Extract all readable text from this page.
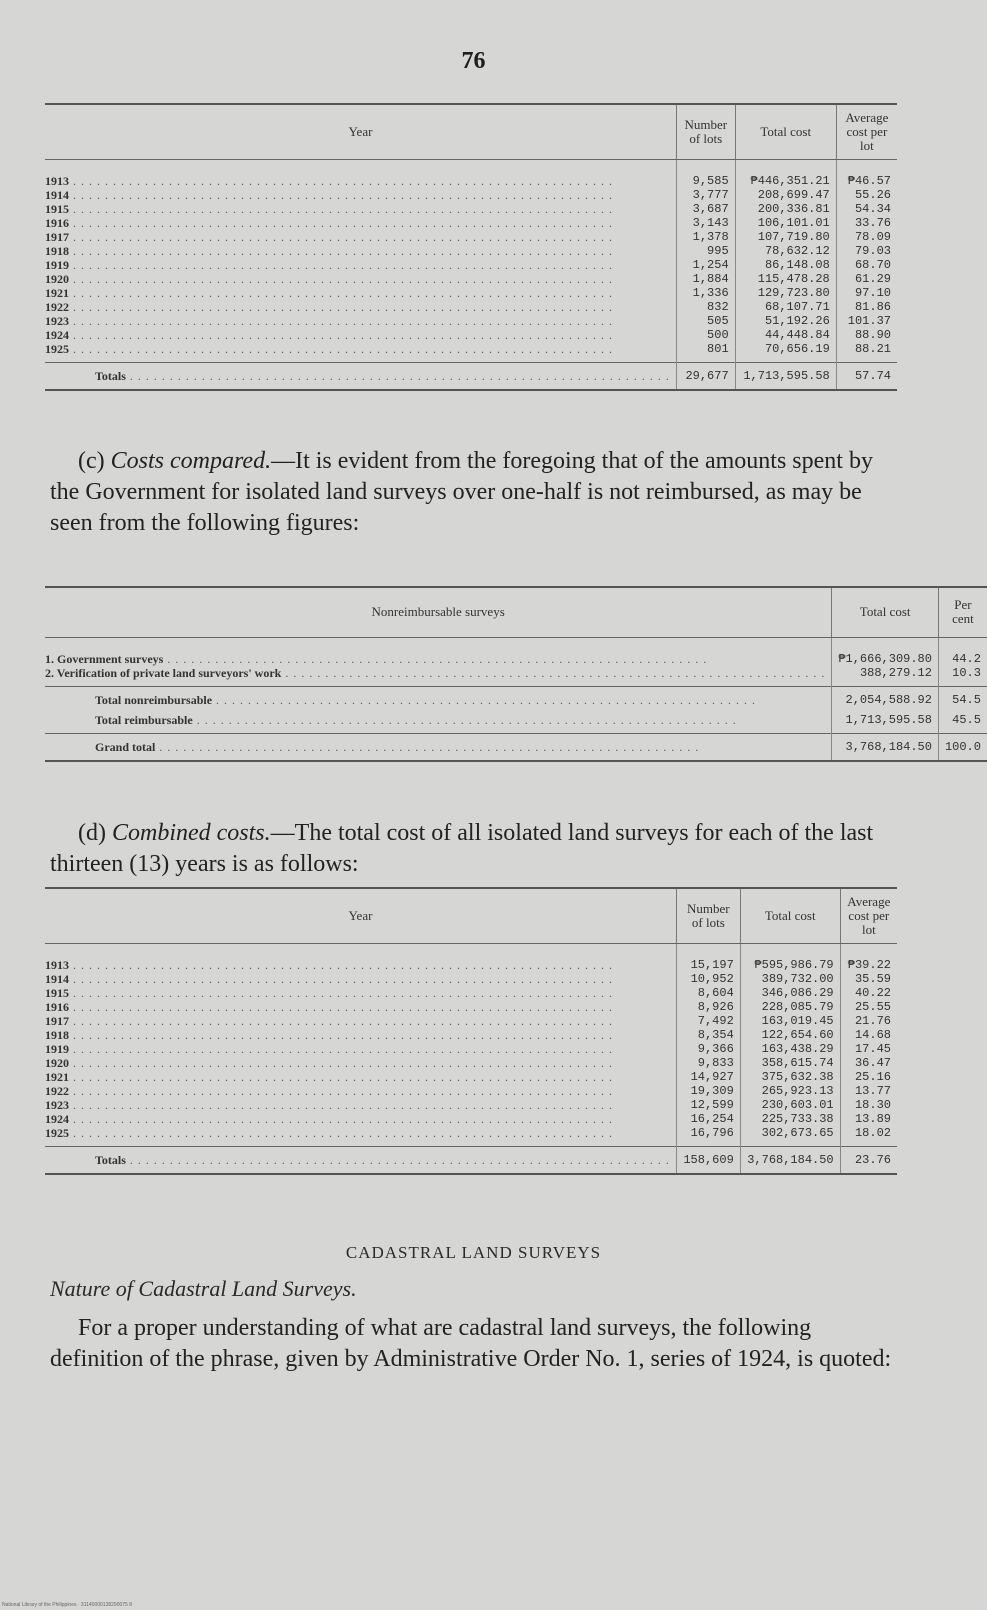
76
Year	Number of lots	Total cost	Average cost per lot
1913 . . . . . . . . . . . . . . . . . . . . . . . . . . . . . . . . . . . . . . . . . . . . . . . . . . . . . . . . . . . . . . . . . . . .	9,585	₱446,351.21	₱46.57
1914 . . . . . . . . . . . . . . . . . . . . . . . . . . . . . . . . . . . . . . . . . . . . . . . . . . . . . . . . . . . . . . . . . . . .	3,777	208,699.47	55.26
1915 . . . . . . . . . . . . . . . . . . . . . . . . . . . . . . . . . . . . . . . . . . . . . . . . . . . . . . . . . . . . . . . . . . . .	3,687	200,336.81	54.34
1916 . . . . . . . . . . . . . . . . . . . . . . . . . . . . . . . . . . . . . . . . . . . . . . . . . . . . . . . . . . . . . . . . . . . .	3,143	106,101.01	33.76
1917 . . . . . . . . . . . . . . . . . . . . . . . . . . . . . . . . . . . . . . . . . . . . . . . . . . . . . . . . . . . . . . . . . . . .	1,378	107,719.80	78.09
1918 . . . . . . . . . . . . . . . . . . . . . . . . . . . . . . . . . . . . . . . . . . . . . . . . . . . . . . . . . . . . . . . . . . . .	995	78,632.12	79.03
1919 . . . . . . . . . . . . . . . . . . . . . . . . . . . . . . . . . . . . . . . . . . . . . . . . . . . . . . . . . . . . . . . . . . . .	1,254	86,148.08	68.70
1920 . . . . . . . . . . . . . . . . . . . . . . . . . . . . . . . . . . . . . . . . . . . . . . . . . . . . . . . . . . . . . . . . . . . .	1,884	115,478.28	61.29
1921 . . . . . . . . . . . . . . . . . . . . . . . . . . . . . . . . . . . . . . . . . . . . . . . . . . . . . . . . . . . . . . . . . . . .	1,336	129,723.80	97.10
1922 . . . . . . . . . . . . . . . . . . . . . . . . . . . . . . . . . . . . . . . . . . . . . . . . . . . . . . . . . . . . . . . . . . . .	832	68,107.71	81.86
1923 . . . . . . . . . . . . . . . . . . . . . . . . . . . . . . . . . . . . . . . . . . . . . . . . . . . . . . . . . . . . . . . . . . . .	505	51,192.26	101.37
1924 . . . . . . . . . . . . . . . . . . . . . . . . . . . . . . . . . . . . . . . . . . . . . . . . . . . . . . . . . . . . . . . . . . . .	500	44,448.84	88.90
1925 . . . . . . . . . . . . . . . . . . . . . . . . . . . . . . . . . . . . . . . . . . . . . . . . . . . . . . . . . . . . . . . . . . . .	801	70,656.19	88.21
Totals . . . . . . . . . . . . . . . . . . . . . . . . . . . . . . . . . . . . . . . . . . . . . . . . . . . . . . . . . . . . . . . . . . . .	29,677	1,713,595.58	57.74

(c) Costs compared.—It is evident from the foregoing that of the amounts spent by the Government for isolated land surveys over one-half is not reimbursed, as may be seen from the following figures:

Nonreimbursable surveys	Total cost	Per cent
1. Government surveys . . . . . . . . . . . . . . . . . . . . . . . . . . . . . . . . . . . . . . . . . . . . . . . . . . . . . . . . . . . . . . . . . . . .	₱1,666,309.80	44.2
2. Verification of private land surveyors' work . . . . . . . . . . . . . . . . . . . . . . . . . . . . . . . . . . . . . . . . . . . . . . . . . . . . . . . . . . . . . . . . . . . .	388,279.12	10.3
Total nonreimbursable . . . . . . . . . . . . . . . . . . . . . . . . . . . . . . . . . . . . . . . . . . . . . . . . . . . . . . . . . . . . . . . . . . . .	2,054,588.92	54.5
Total reimbursable . . . . . . . . . . . . . . . . . . . . . . . . . . . . . . . . . . . . . . . . . . . . . . . . . . . . . . . . . . . . . . . . . . . .	1,713,595.58	45.5
Grand total . . . . . . . . . . . . . . . . . . . . . . . . . . . . . . . . . . . . . . . . . . . . . . . . . . . . . . . . . . . . . . . . . . . .	3,768,184.50	100.0

(d) Combined costs.—The total cost of all isolated land surveys for each of the last thirteen (13) years is as follows:

Year	Number of lots	Total cost	Average cost per lot
1913 . . . . . . . . . . . . . . . . . . . . . . . . . . . . . . . . . . . . . . . . . . . . . . . . . . . . . . . . . . . . . . . . . . . .	15,197	₱595,986.79	₱39.22
1914 . . . . . . . . . . . . . . . . . . . . . . . . . . . . . . . . . . . . . . . . . . . . . . . . . . . . . . . . . . . . . . . . . . . .	10,952	389,732.00	35.59
1915 . . . . . . . . . . . . . . . . . . . . . . . . . . . . . . . . . . . . . . . . . . . . . . . . . . . . . . . . . . . . . . . . . . . .	8,604	346,086.29	40.22
1916 . . . . . . . . . . . . . . . . . . . . . . . . . . . . . . . . . . . . . . . . . . . . . . . . . . . . . . . . . . . . . . . . . . . .	8,926	228,085.79	25.55
1917 . . . . . . . . . . . . . . . . . . . . . . . . . . . . . . . . . . . . . . . . . . . . . . . . . . . . . . . . . . . . . . . . . . . .	7,492	163,019.45	21.76
1918 . . . . . . . . . . . . . . . . . . . . . . . . . . . . . . . . . . . . . . . . . . . . . . . . . . . . . . . . . . . . . . . . . . . .	8,354	122,654.60	14.68
1919 . . . . . . . . . . . . . . . . . . . . . . . . . . . . . . . . . . . . . . . . . . . . . . . . . . . . . . . . . . . . . . . . . . . .	9,366	163,438.29	17.45
1920 . . . . . . . . . . . . . . . . . . . . . . . . . . . . . . . . . . . . . . . . . . . . . . . . . . . . . . . . . . . . . . . . . . . .	9,833	358,615.74	36.47
1921 . . . . . . . . . . . . . . . . . . . . . . . . . . . . . . . . . . . . . . . . . . . . . . . . . . . . . . . . . . . . . . . . . . . .	14,927	375,632.38	25.16
1922 . . . . . . . . . . . . . . . . . . . . . . . . . . . . . . . . . . . . . . . . . . . . . . . . . . . . . . . . . . . . . . . . . . . .	19,309	265,923.13	13.77
1923 . . . . . . . . . . . . . . . . . . . . . . . . . . . . . . . . . . . . . . . . . . . . . . . . . . . . . . . . . . . . . . . . . . . .	12,599	230,603.01	18.30
1924 . . . . . . . . . . . . . . . . . . . . . . . . . . . . . . . . . . . . . . . . . . . . . . . . . . . . . . . . . . . . . . . . . . . .	16,254	225,733.38	13.89
1925 . . . . . . . . . . . . . . . . . . . . . . . . . . . . . . . . . . . . . . . . . . . . . . . . . . . . . . . . . . . . . . . . . . . .	16,796	302,673.65	18.02
Totals . . . . . . . . . . . . . . . . . . . . . . . . . . . . . . . . . . . . . . . . . . . . . . . . . . . . . . . . . . . . . . . . . . . .	158,609	3,768,184.50	23.76
CADASTRAL LAND SURVEYS
Nature of Cadastral Land Surveys.

For a proper understanding of what are cadastral land surveys, the following definition of the phrase, given by Administrative Order No. 1, series of 1924, is quoted:

National Library of the Philippines · 31140000138290075 8
